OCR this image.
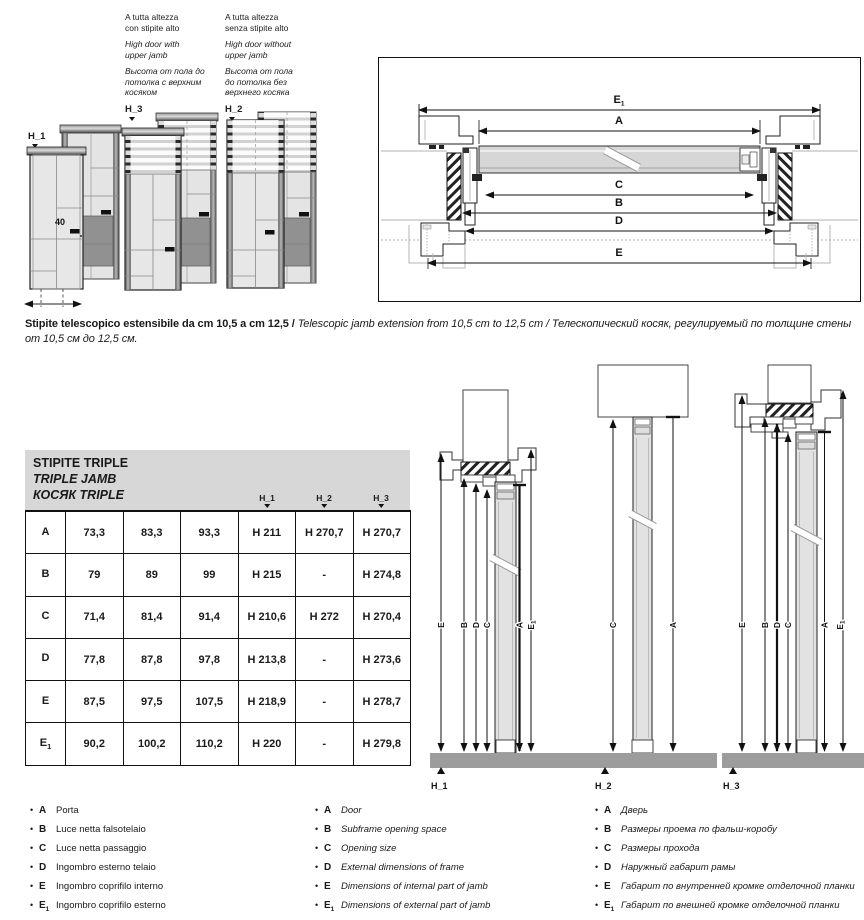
A tutta altezza
con stipite alto
High door with
upper jamb
Высота от пола до
потолка с верхним
косяком
H_3
A tutta altezza
senza stipite alto
High door without
upper jamb
Высота от пола
до потолка без
верхнего косяка
H_2
H_1
40
$E_1$
A
C
B
D
E
Stipite telescopico estensibile da cm 10,5 a cm 12,5 / Telescopic jamb extension from 10,5 cm to 12,5 cm / Телескопический косяк, регулируемый по толщине стены от 10,5 см до 12,5 см.
STIPITE TRIPLE
TRIPLE JAMB
КОСЯК TRIPLE	H_1	H_2	H_3
A	73,3	83,3	93,3	H 211	H 270,7	H 270,7
B	79	89	99	H 215	-	H 274,8
C	71,4	81,4	91,4	H 210,6	H 272	H 270,4
D	77,8	87,8	97,8	H 213,8	-	H 273,6
E	87,5	97,5	107,5	H 218,9	-	H 278,7
$E_1$	90,2	100,2	110,2	H 220	-	H 279,8
E B D C	A E1
H_1
C	A
H_2
E B D C	A E1
H_3
• A	Porta
• B	Luce netta falsotelaio
• C	Luce netta passaggio
• D	Ingombro esterno telaio
• E	Ingombro coprifilo interno
• $E_1$ Ingombro coprifilo esterno
• A	Door
• B	Subframe opening space
• C	Opening size
• D	External dimensions of frame
• E	Dimensions of internal part of jamb
• $E_1$ Dimensions of external part of jamb
• A	Дверь
• B	Размеры проема по фальш-коробу
• C	Размеры прохода
• D	Наружный габарит рамы
• E	Габарит по внутренней кромке отделочной планки
• $E_1$ Габарит по внешней кромке отделочной планки
